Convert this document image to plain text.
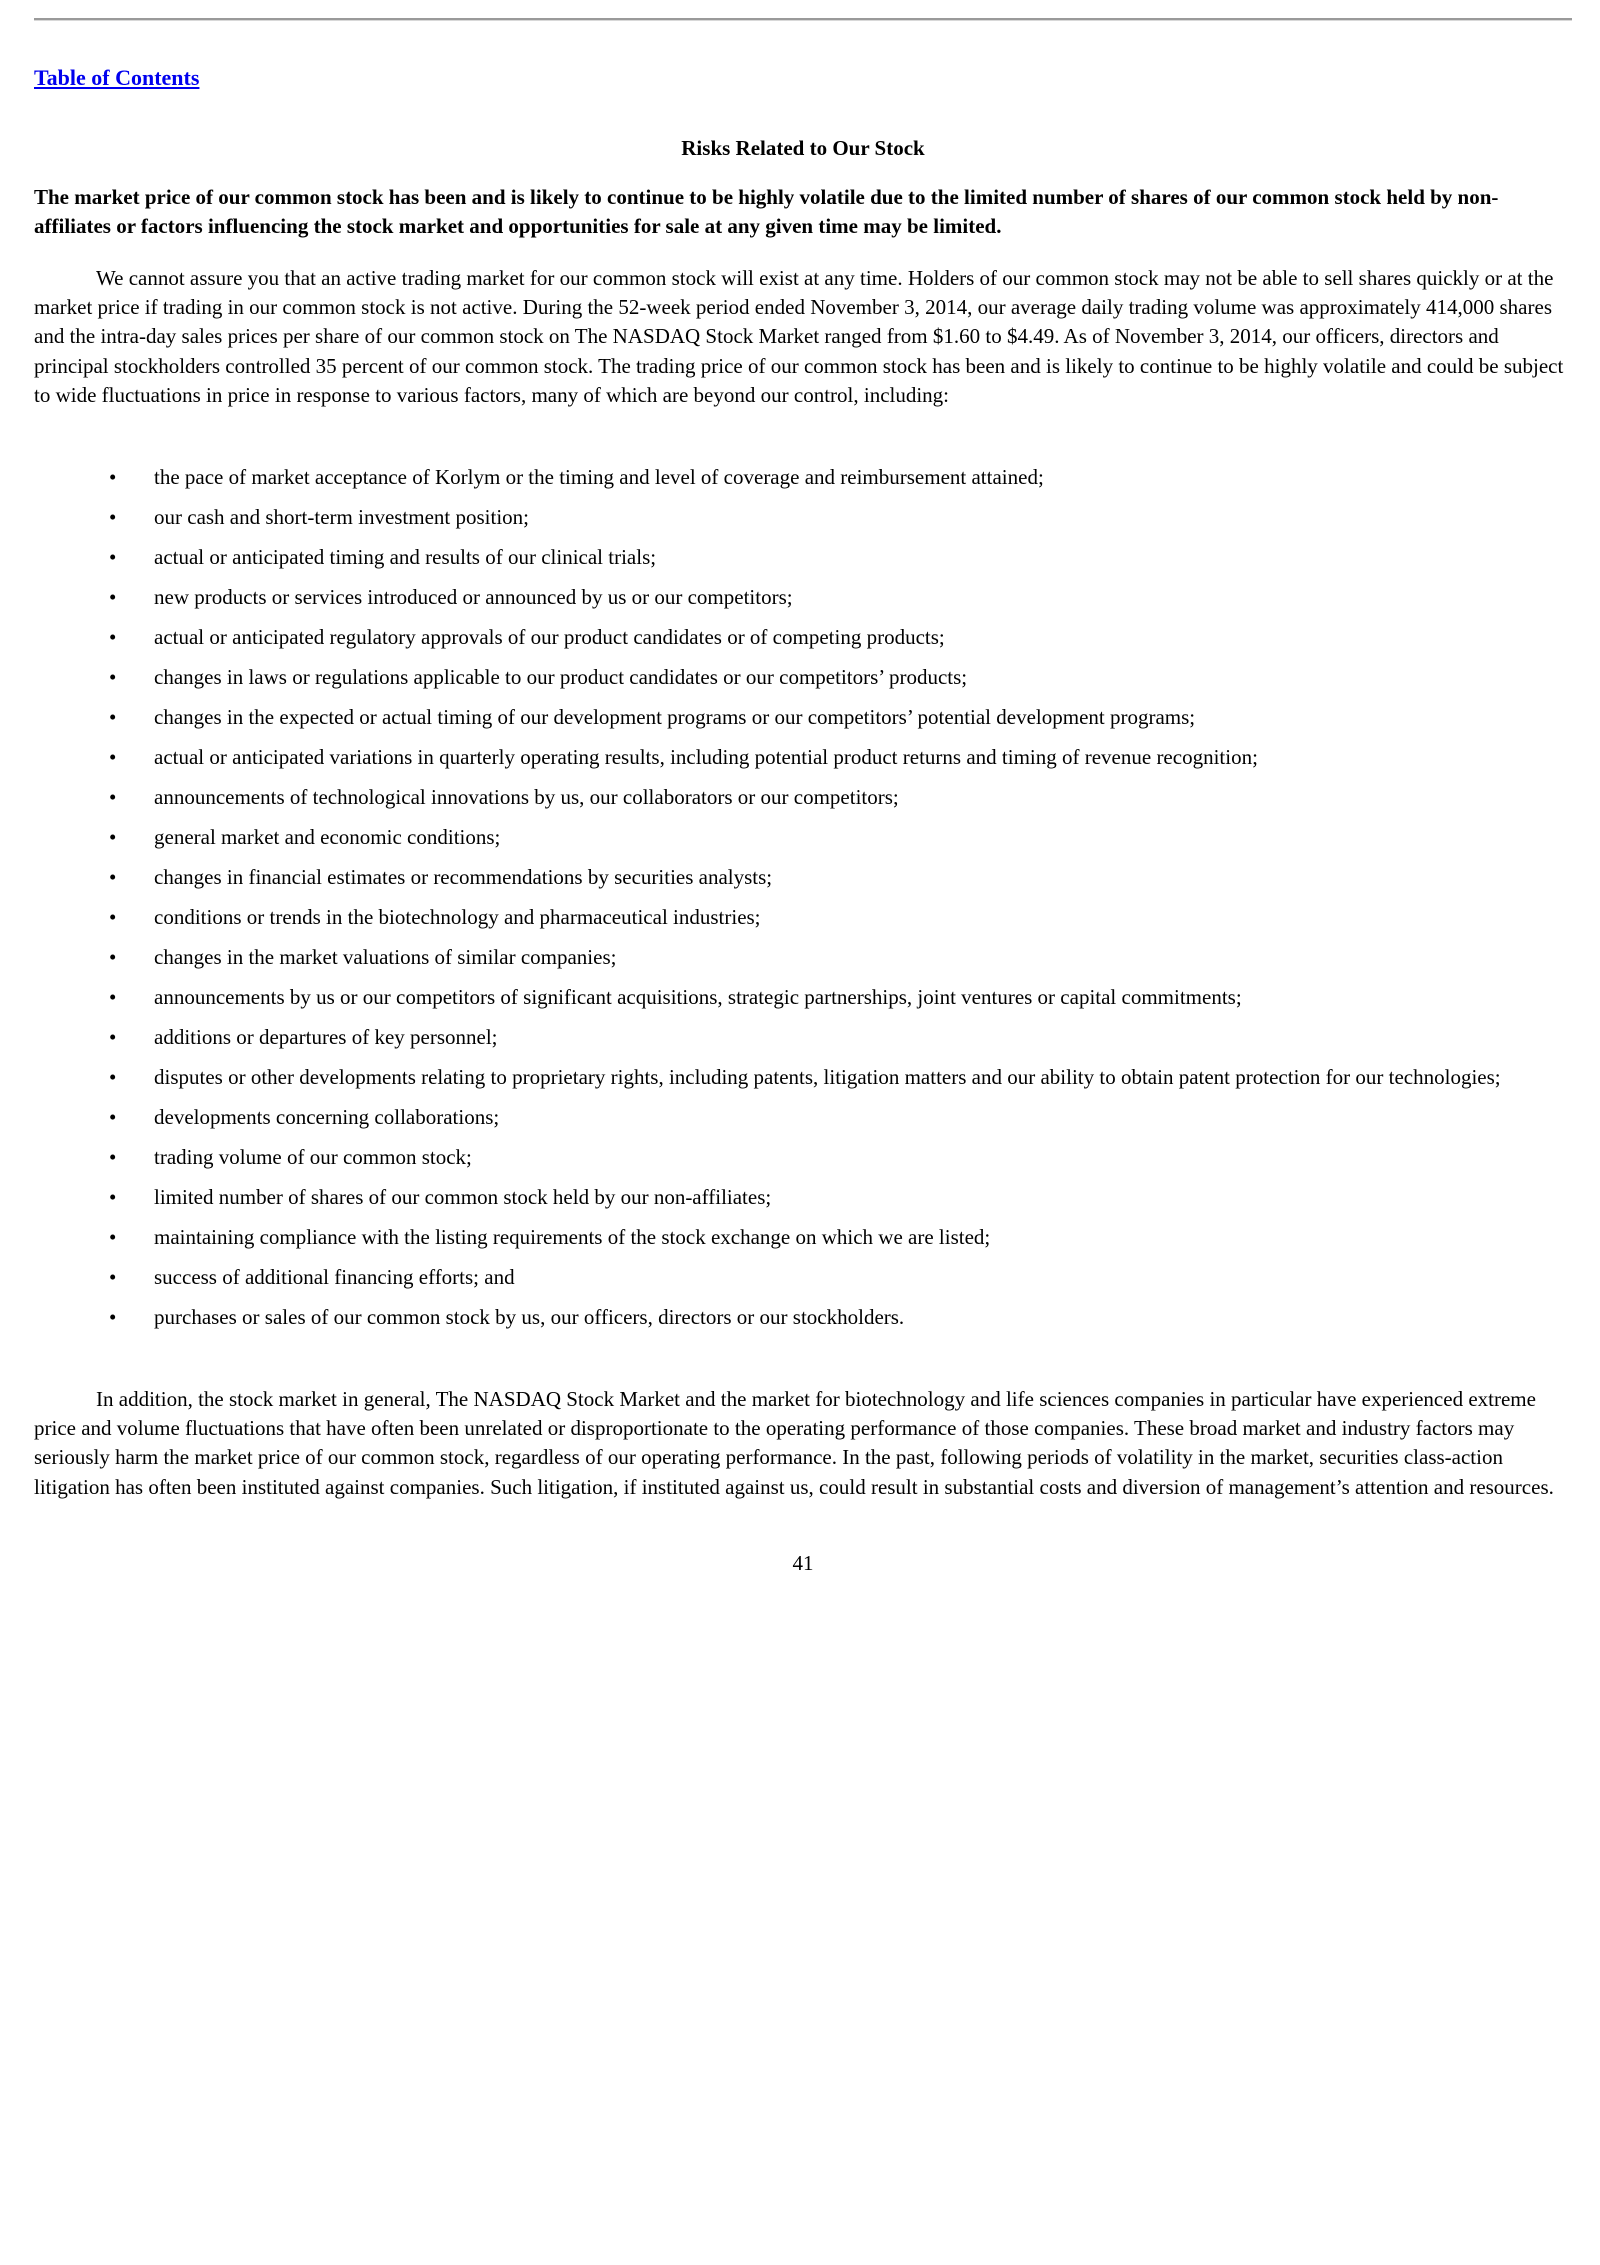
Table of Contents
Risks Related to Our Stock

The market price of our common stock has been and is likely to continue to be highly volatile due to the limited number of shares of our common stock held by non-affiliates or factors influencing the stock market and opportunities for sale at any given time may be limited.

We cannot assure you that an active trading market for our common stock will exist at any time. Holders of our common stock may not be able to sell shares quickly or at the market price if trading in our common stock is not active. During the 52-week period ended November 3, 2014, our average daily trading volume was approximately 414,000 shares and the intra-day sales prices per share of our common stock on The NASDAQ Stock Market ranged from $1.60 to $4.49. As of November 3, 2014, our officers, directors and principal stockholders controlled 35 percent of our common stock. The trading price of our common stock has been and is likely to continue to be highly volatile and could be subject to wide fluctuations in price in response to various factors, many of which are beyond our control, including:

• the pace of market acceptance of Korlym or the timing and level of coverage and reimbursement attained;
• our cash and short-term investment position;
• actual or anticipated timing and results of our clinical trials;
• new products or services introduced or announced by us or our competitors;
• actual or anticipated regulatory approvals of our product candidates or of competing products;
• changes in laws or regulations applicable to our product candidates or our competitors’ products;
• changes in the expected or actual timing of our development programs or our competitors’ potential development programs;
• actual or anticipated variations in quarterly operating results, including potential product returns and timing of revenue recognition;
• announcements of technological innovations by us, our collaborators or our competitors;
• general market and economic conditions;
• changes in financial estimates or recommendations by securities analysts;
• conditions or trends in the biotechnology and pharmaceutical industries;
• changes in the market valuations of similar companies;
• announcements by us or our competitors of significant acquisitions, strategic partnerships, joint ventures or capital commitments;
• additions or departures of key personnel;
• disputes or other developments relating to proprietary rights, including patents, litigation matters and our ability to obtain patent protection for our technologies;
• developments concerning collaborations;
• trading volume of our common stock;
• limited number of shares of our common stock held by our non-affiliates;
• maintaining compliance with the listing requirements of the stock exchange on which we are listed;
• success of additional financing efforts; and
• purchases or sales of our common stock by us, our officers, directors or our stockholders.

In addition, the stock market in general, The NASDAQ Stock Market and the market for biotechnology and life sciences companies in particular have experienced extreme price and volume fluctuations that have often been unrelated or disproportionate to the operating performance of those companies. These broad market and industry factors may seriously harm the market price of our common stock, regardless of our operating performance. In the past, following periods of volatility in the market, securities class-action litigation has often been instituted against companies. Such litigation, if instituted against us, could result in substantial costs and diversion of management’s attention and resources.

41
